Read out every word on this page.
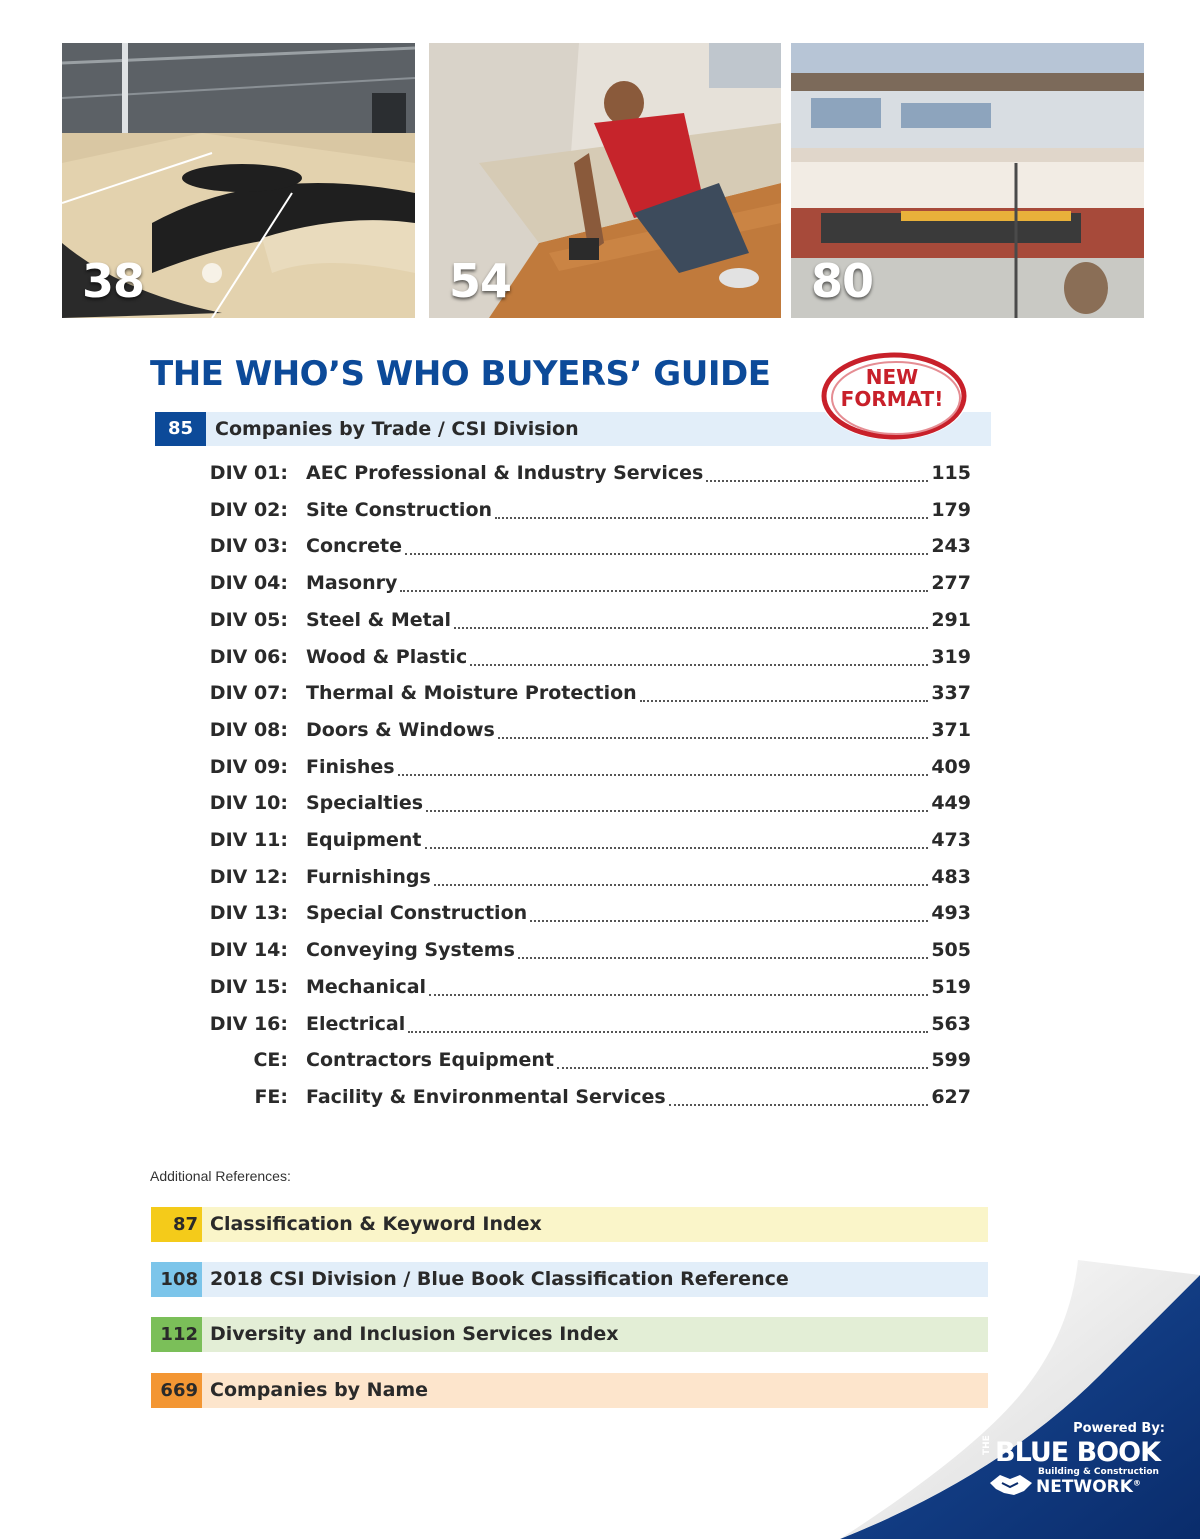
38	54	80
THE WHO’S WHO BUYERS’ GUIDE
85	Companies by Trade / CSI Division
NEW
FORMAT!
DIV 01: AEC Professional & Industry Services	115
DIV 02: Site Construction	179
DIV 03: Concrete	243
DIV 04: Masonry	277
DIV 05: Steel & Metal	291
DIV 06: Wood & Plastic	319
DIV 07: Thermal & Moisture Protection	337
DIV 08: Doors & Windows	371
DIV 09: Finishes	409
DIV 10: Specialties	449
DIV 11: Equipment	473
DIV 12: Furnishings	483
DIV 13: Special Construction	493
DIV 14: Conveying Systems	505
DIV 15: Mechanical	519
DIV 16: Electrical	563
CE: Contractors Equipment	599
FE: Facility & Environmental Services	627
Additional References:
87 Classification & Keyword Index
108 2018 CSI Division / Blue Book Classification Reference
112 Diversity and Inclusion Services Index
669 Companies by Name
Powered By:
THE BLUE BOOK
Building & Construction
NETWORK®
